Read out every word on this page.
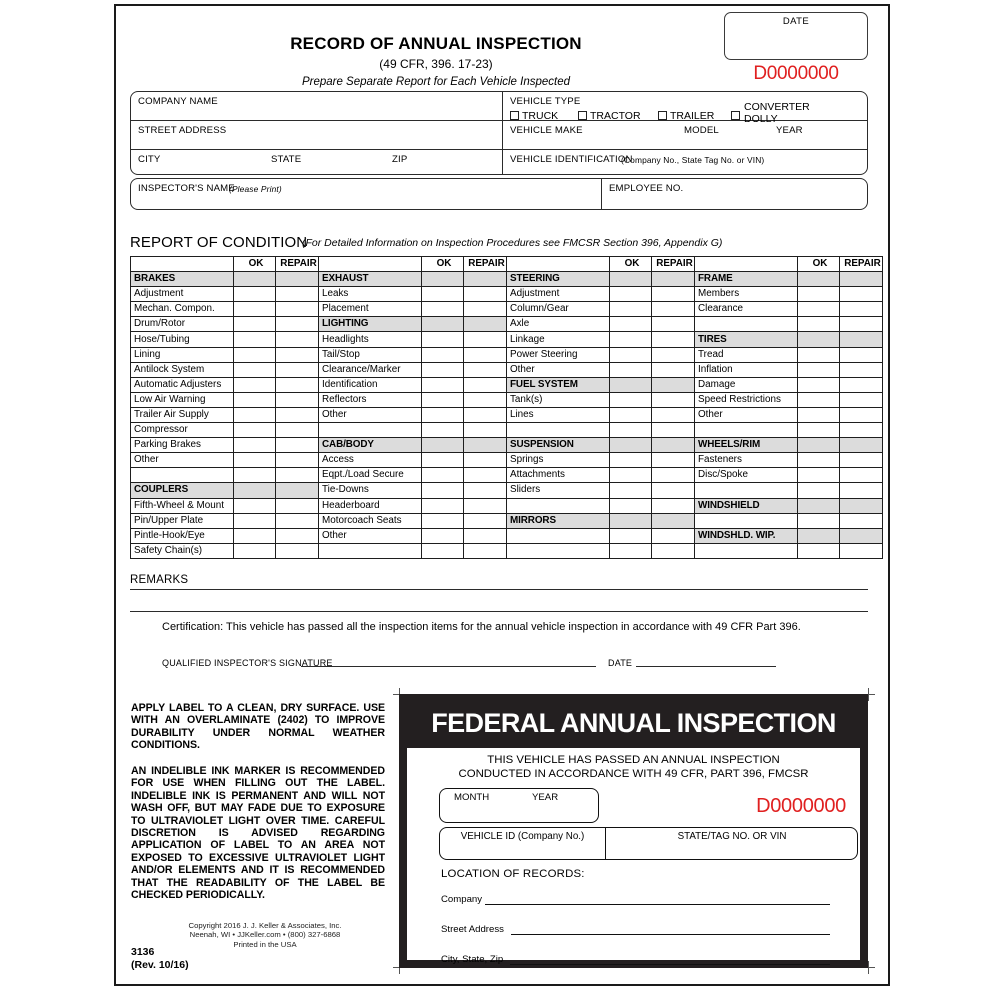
RECORD OF ANNUAL INSPECTION
(49 CFR, 396. 17-23)
Prepare Separate Report for Each Vehicle Inspected
DATE
D0000000
COMPANY NAME
STREET ADDRESS
CITY	STATE	ZIP
VEHICLE TYPE
TRUCK	TRACTOR	TRAILER
CONVERTER DOLLY
VEHICLE MAKE	MODEL	YEAR
VEHICLE IDENTIFICATION
(Company No., State Tag No. or VIN)
INSPECTOR'S NAME
(Please Print)	EMPLOYEE NO.
REPORT OF CONDITION
(For Detailed Information on Inspection Procedures see FMCSR Section 396, Appendix G)
	OK	REPAIR		OK	REPAIR		OK	REPAIR		OK	REPAIR
BRAKES			EXHAUST			STEERING			FRAME		
Adjustment			Leaks			Adjustment			Members		
Mechan. Compon.			Placement			Column/Gear			Clearance		
Drum/Rotor			LIGHTING			Axle					
Hose/Tubing			Headlights			Linkage			TIRES		
Lining			Tail/Stop			Power Steering			Tread		
Antilock System			Clearance/Marker			Other			Inflation		
Automatic Adjusters			Identification			FUEL SYSTEM			Damage		
Low Air Warning			Reflectors			Tank(s)			Speed Restrictions		
Trailer Air Supply			Other			Lines			Other		
Compressor											
Parking Brakes			CAB/BODY			SUSPENSION			WHEELS/RIM		
Other			Access			Springs			Fasteners		
			Eqpt./Load Secure			Attachments			Disc/Spoke		
COUPLERS			Tie-Downs			Sliders					
Fifth-Wheel & Mount			Headerboard						WINDSHIELD		
Pin/Upper Plate			Motorcoach Seats			MIRRORS					
Pintle-Hook/Eye			Other						WINDSHLD. WIP.		
Safety Chain(s)											
REMARKS
Certification: This vehicle has passed all the inspection items for the annual vehicle inspection in accordance with 49 CFR Part 396.
QUALIFIED INSPECTOR'S SIGNATURE	DATE
APPLY LABEL TO A CLEAN, DRY SURFACE. USE WITH AN OVERLAMINATE (2402) TO IMPROVE DURABILITY UNDER NORMAL WEATHER CONDITIONS.
AN INDELIBLE INK MARKER IS RECOMMENDED FOR USE WHEN FILLING OUT THE LABEL. INDELIBLE INK IS PERMANENT AND WILL NOT WASH OFF, BUT MAY FADE DUE TO EXPOSURE TO ULTRAVIOLET LIGHT OVER TIME. CAREFUL DISCRETION IS ADVISED REGARDING APPLICATION OF LABEL TO AN AREA NOT EXPOSED TO EXCESSIVE ULTRAVIOLET LIGHT AND/OR ELEMENTS AND IT IS RECOMMENDED THAT THE READABILITY OF THE LABEL BE CHECKED PERIODICALLY.
Copyright 2016 J. J. Keller & Associates, Inc.
Neenah, WI • JJKeller.com • (800) 327-6868
Printed in the USA
3136
(Rev. 10/16)
FEDERAL ANNUAL INSPECTION
THIS VEHICLE HAS PASSED AN ANNUAL INSPECTION
CONDUCTED IN ACCORDANCE WITH 49 CFR, PART 396, FMCSR
MONTH	YEAR	D0000000
VEHICLE ID (Company No.)	STATE/TAG NO. OR VIN
LOCATION OF RECORDS:
Company
Street Address
City, State, Zip
